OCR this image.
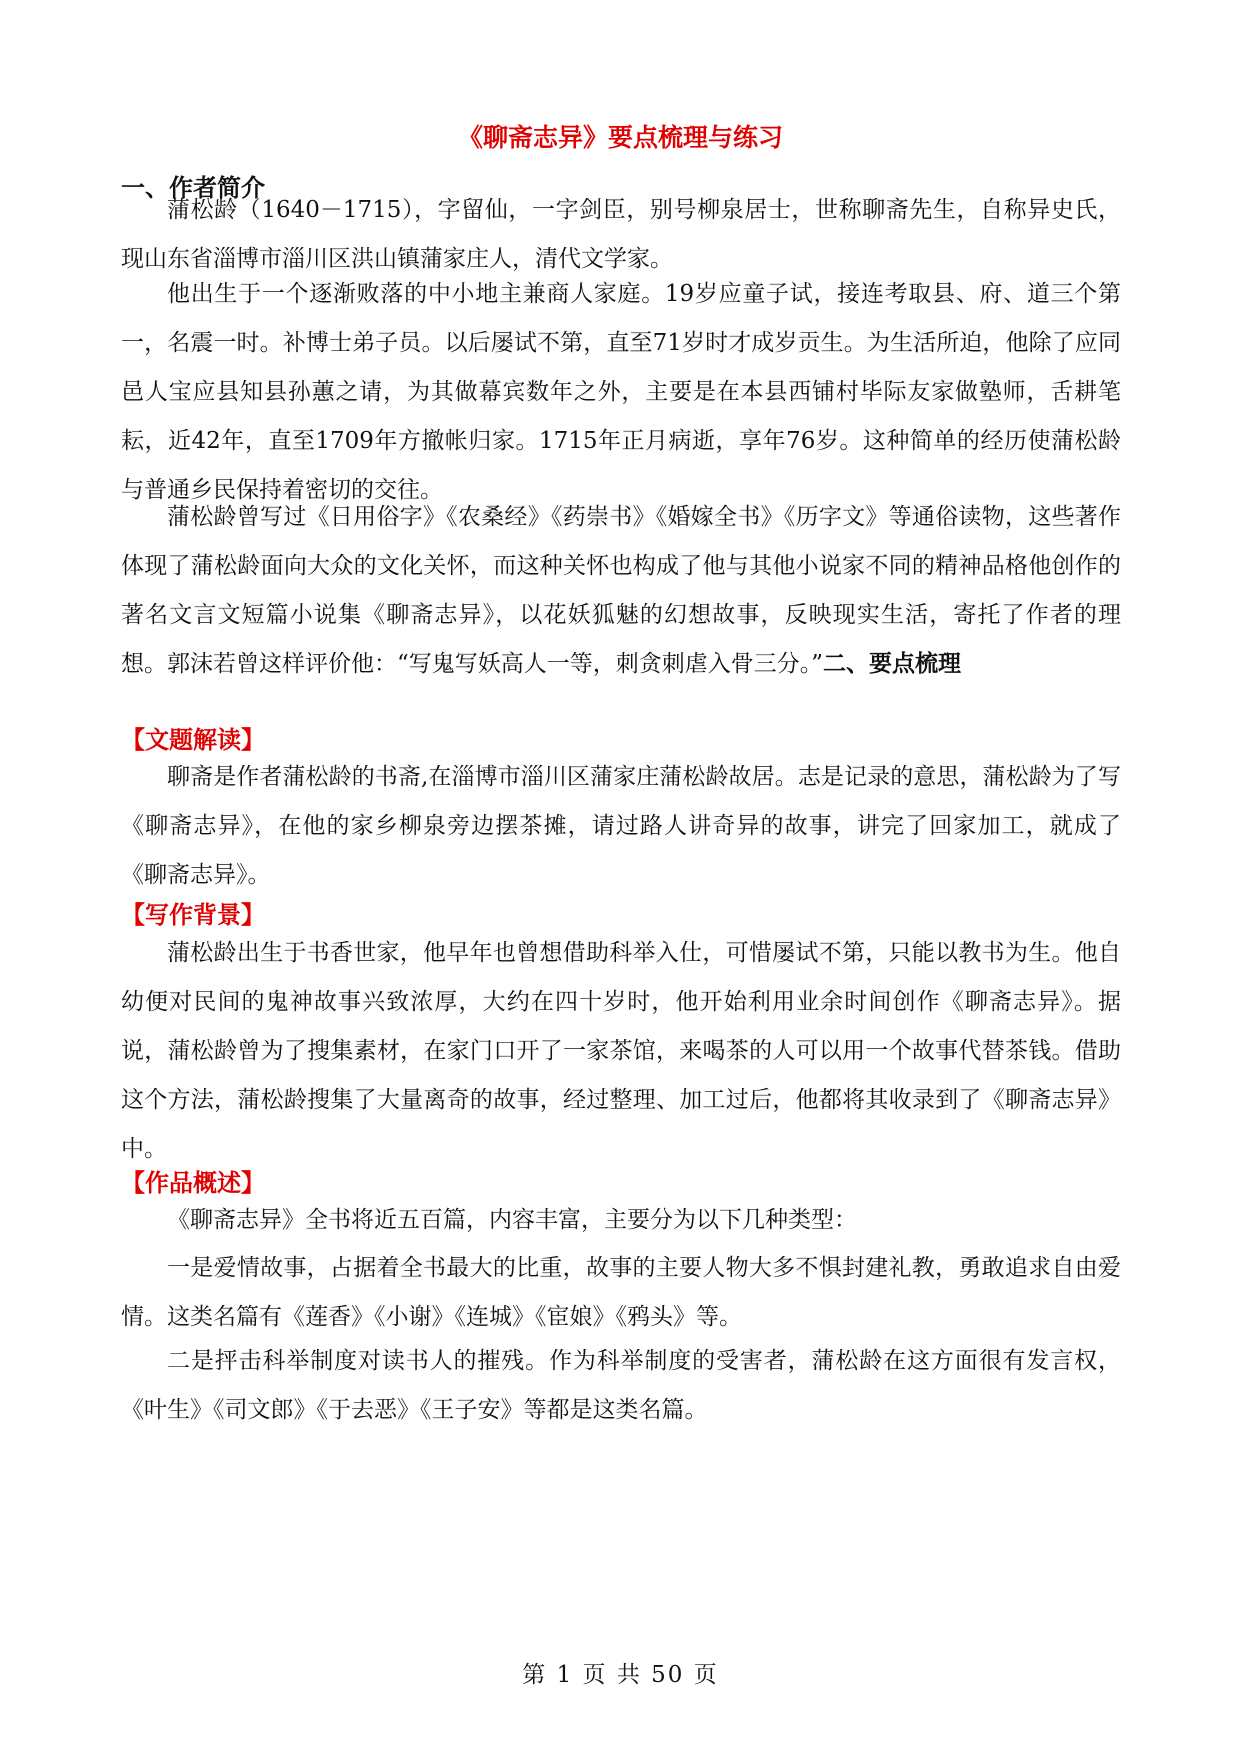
《聊斋志异》要点梳理与练习
一、作者简介

蒲松龄（1640－1715），字留仙，一字剑臣，别号柳泉居士，世称聊斋先生，自称异史氏，现山东省淄博市淄川区洪山镇蒲家庄人，清代文学家。

他出生于一个逐渐败落的中小地主兼商人家庭。19岁应童子试，接连考取县、府、道三个第一，名震一时。补博士弟子员。以后屡试不第，直至71岁时才成岁贡生。为生活所迫，他除了应同邑人宝应县知县孙蕙之请，为其做幕宾数年之外，主要是在本县西铺村毕际友家做塾师，舌耕笔耘，近42年，直至1709年方撤帐归家。1715年正月病逝，享年76岁。这种简单的经历使蒲松龄与普通乡民保持着密切的交往。

蒲松龄曾写过《日用俗字》《农桑经》《药崇书》《婚嫁全书》《历字文》等通俗读物，这些著作体现了蒲松龄面向大众的文化关怀，而这种关怀也构成了他与其他小说家不同的精神品格他创作的著名文言文短篇小说集《聊斋志异》，以花妖狐魅的幻想故事，反映现实生活，寄托了作者的理想。郭沫若曾这样评价他：“写鬼写妖高人一等，刺贪刺虐入骨三分。”二、要点梳理

【文题解读】

聊斋是作者蒲松龄的书斋,在淄博市淄川区蒲家庄蒲松龄故居。志是记录的意思，蒲松龄为了写《聊斋志异》，在他的家乡柳泉旁边摆茶摊，请过路人讲奇异的故事，讲完了回家加工，就成了《聊斋志异》。

【写作背景】

蒲松龄出生于书香世家，他早年也曾想借助科举入仕，可惜屡试不第，只能以教书为生。他自幼便对民间的鬼神故事兴致浓厚，大约在四十岁时，他开始利用业余时间创作《聊斋志异》。据说，蒲松龄曾为了搜集素材，在家门口开了一家茶馆，来喝茶的人可以用一个故事代替茶钱。借助这个方法，蒲松龄搜集了大量离奇的故事，经过整理、加工过后，他都将其收录到了《聊斋志异》中。

【作品概述】

《聊斋志异》全书将近五百篇，内容丰富，主要分为以下几种类型：

一是爱情故事，占据着全书最大的比重，故事的主要人物大多不惧封建礼教，勇敢追求自由爱情。这类名篇有《莲香》《小谢》《连城》《宦娘》《鸦头》等。

二是抨击科举制度对读书人的摧残。作为科举制度的受害者，蒲松龄在这方面很有发言权，《叶生》《司文郎》《于去恶》《王子安》等都是这类名篇。

第 1 页 共 50 页
